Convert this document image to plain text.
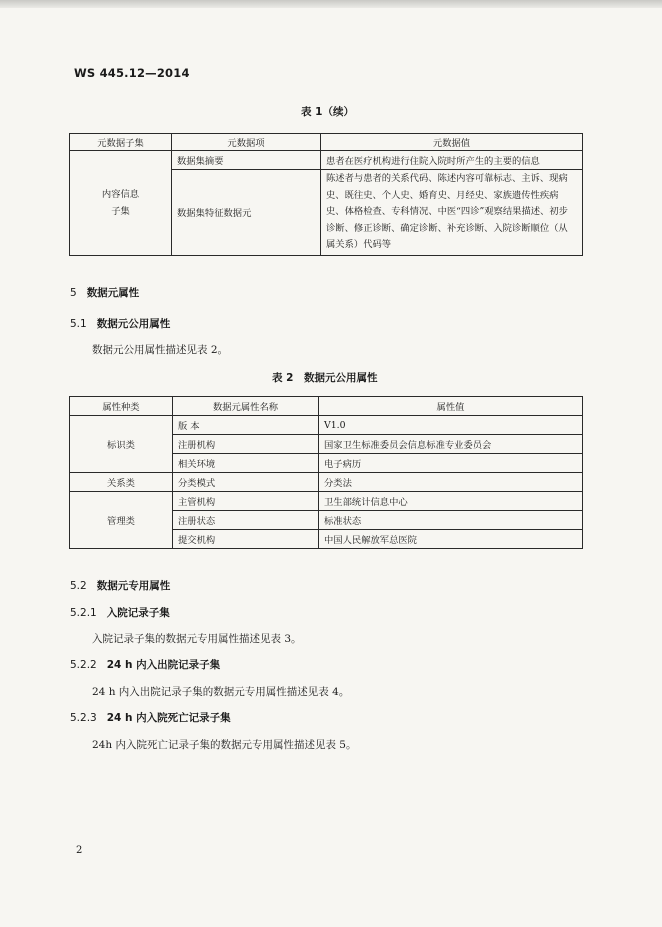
WS 445.12—2014
表 1（续）
元数据子集	元数据项	元数据值
内容信息
子集	数据集摘要	患者在医疗机构进行住院入院时所产生的主要的信息
	数据集特征数据元	陈述者与患者的关系代码、陈述内容可靠标志、主诉、现病史、既往史、个人史、婚育史、月经史、家族遗传性疾病史、体格检查、专科情况、中医“四诊”观察结果描述、初步诊断、修正诊断、确定诊断、补充诊断、入院诊断顺位（从属关系）代码等
5 数据元属性
5.1 数据元公用属性
数据元公用属性描述见表 2。
表 2　数据元公用属性
属性种类	数据元属性名称	属性值
标识类	版 本	V1.0
	注册机构	国家卫生标准委员会信息标准专业委员会
	相关环境	电子病历
关系类	分类模式	分类法
管理类	主管机构	卫生部统计信息中心
	注册状态	标准状态
	提交机构	中国人民解放军总医院
5.2 数据元专用属性
5.2.1 入院记录子集
入院记录子集的数据元专用属性描述见表 3。
5.2.2 24 h 内入出院记录子集
24 h 内入出院记录子集的数据元专用属性描述见表 4。
5.2.3 24 h 内入院死亡记录子集
24h 内入院死亡记录子集的数据元专用属性描述见表 5。
2
